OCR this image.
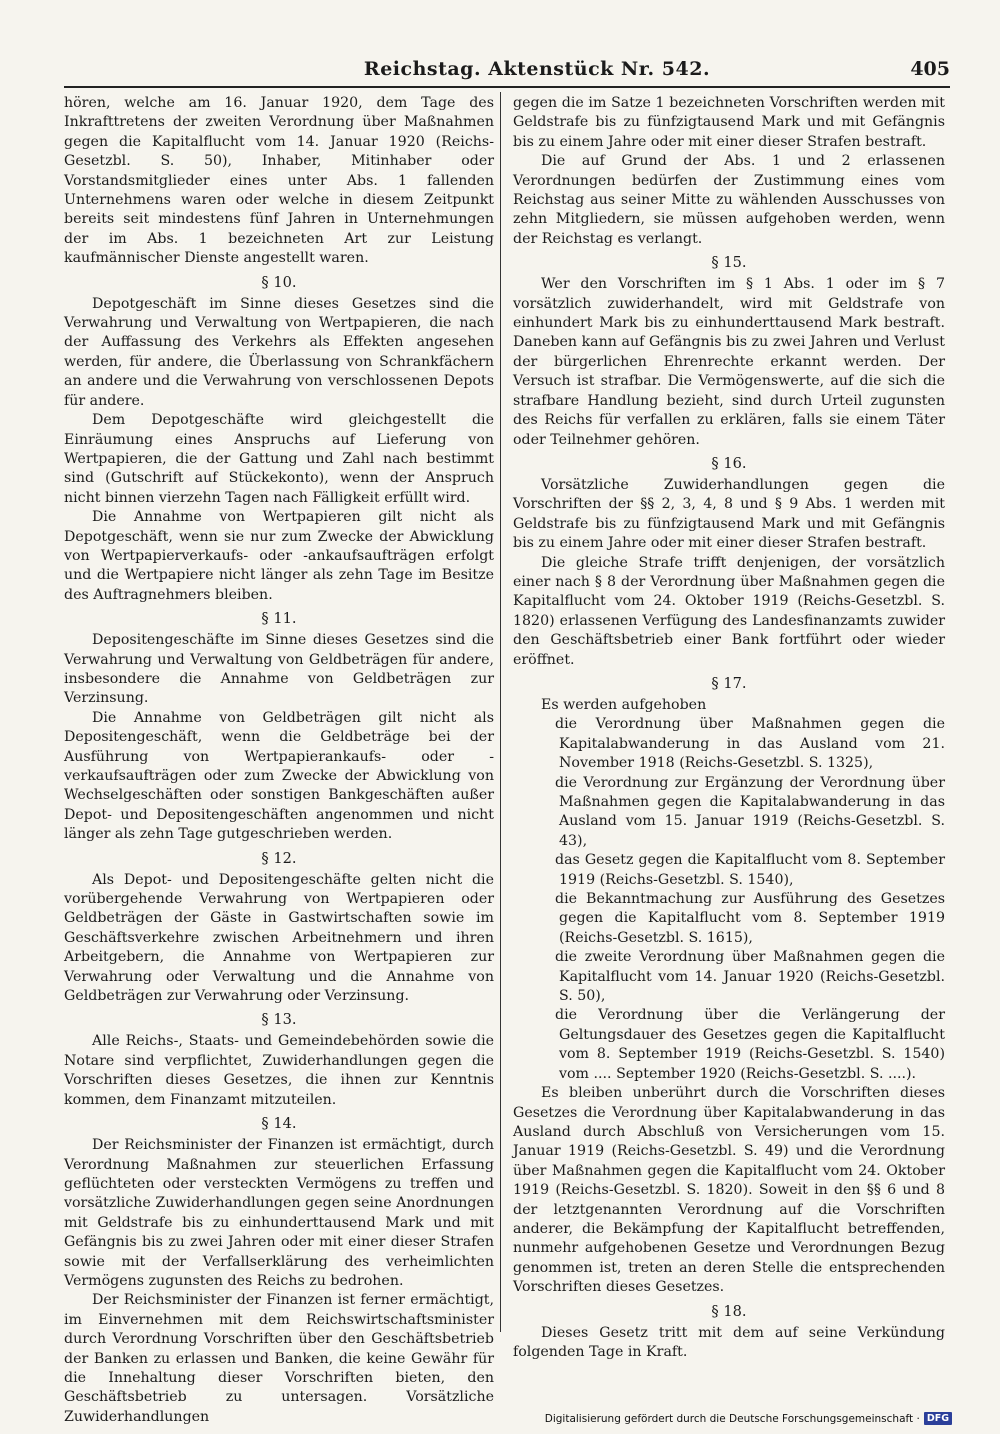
Reichstag. Aktenstück Nr. 542.	405

hören, welche am 16. Januar 1920, dem Tage des Inkrafttretens der zweiten Verordnung über Maßnahmen gegen die Kapitalflucht vom 14. Januar 1920 (Reichs-Gesetzbl. S. 50), Inhaber, Mitinhaber oder Vorstandsmitglieder eines unter Abs. 1 fallenden Unternehmens waren oder welche in diesem Zeitpunkt bereits seit mindestens fünf Jahren in Unternehmungen der im Abs. 1 bezeichneten Art zur Leistung kaufmännischer Dienste angestellt waren.

§ 10.

Depotgeschäft im Sinne dieses Gesetzes sind die Verwahrung und Verwaltung von Wertpapieren, die nach der Auffassung des Verkehrs als Effekten angesehen werden, für andere, die Überlassung von Schrankfächern an andere und die Verwahrung von verschlossenen Depots für andere.

Dem Depotgeschäfte wird gleichgestellt die Einräumung eines Anspruchs auf Lieferung von Wertpapieren, die der Gattung und Zahl nach bestimmt sind (Gutschrift auf Stückekonto), wenn der Anspruch nicht binnen vierzehn Tagen nach Fälligkeit erfüllt wird.

Die Annahme von Wertpapieren gilt nicht als Depotgeschäft, wenn sie nur zum Zwecke der Abwicklung von Wertpapierverkaufs- oder -ankaufsaufträgen erfolgt und die Wertpapiere nicht länger als zehn Tage im Besitze des Auftragnehmers bleiben.

§ 11.

Depositengeschäfte im Sinne dieses Gesetzes sind die Verwahrung und Verwaltung von Geldbeträgen für andere, insbesondere die Annahme von Geldbeträgen zur Verzinsung.

Die Annahme von Geldbeträgen gilt nicht als Depositengeschäft, wenn die Geldbeträge bei der Ausführung von Wertpapierankaufs- oder -verkaufsaufträgen oder zum Zwecke der Abwicklung von Wechselgeschäften oder sonstigen Bankgeschäften außer Depot- und Depositengeschäften angenommen und nicht länger als zehn Tage gutgeschrieben werden.

§ 12.

Als Depot- und Depositengeschäfte gelten nicht die vorübergehende Verwahrung von Wertpapieren oder Geldbeträgen der Gäste in Gastwirtschaften sowie im Geschäftsverkehre zwischen Arbeitnehmern und ihren Arbeitgebern, die Annahme von Wertpapieren zur Verwahrung oder Verwaltung und die Annahme von Geldbeträgen zur Verwahrung oder Verzinsung.

§ 13.

Alle Reichs-, Staats- und Gemeindebehörden sowie die Notare sind verpflichtet, Zuwiderhandlungen gegen die Vorschriften dieses Gesetzes, die ihnen zur Kenntnis kommen, dem Finanzamt mitzuteilen.

§ 14.

Der Reichsminister der Finanzen ist ermächtigt, durch Verordnung Maßnahmen zur steuerlichen Erfassung geflüchteten oder versteckten Vermögens zu treffen und vorsätzliche Zuwiderhandlungen gegen seine Anordnungen mit Geldstrafe bis zu einhunderttausend Mark und mit Gefängnis bis zu zwei Jahren oder mit einer dieser Strafen sowie mit der Verfallserklärung des verheimlichten Vermögens zugunsten des Reichs zu bedrohen.

Der Reichsminister der Finanzen ist ferner ermächtigt, im Einvernehmen mit dem Reichswirtschaftsminister durch Verordnung Vorschriften über den Geschäftsbetrieb der Banken zu erlassen und Banken, die keine Gewähr für die Innehaltung dieser Vorschriften bieten, den Geschäftsbetrieb zu untersagen. Vorsätzliche Zuwiderhandlungen

gegen die im Satze 1 bezeichneten Vorschriften werden mit Geldstrafe bis zu fünfzigtausend Mark und mit Gefängnis bis zu einem Jahre oder mit einer dieser Strafen bestraft.

Die auf Grund der Abs. 1 und 2 erlassenen Verordnungen bedürfen der Zustimmung eines vom Reichstag aus seiner Mitte zu wählenden Ausschusses von zehn Mitgliedern, sie müssen aufgehoben werden, wenn der Reichstag es verlangt.

§ 15.

Wer den Vorschriften im § 1 Abs. 1 oder im § 7 vorsätzlich zuwiderhandelt, wird mit Geldstrafe von einhundert Mark bis zu einhunderttausend Mark bestraft. Daneben kann auf Gefängnis bis zu zwei Jahren und Verlust der bürgerlichen Ehrenrechte erkannt werden. Der Versuch ist strafbar. Die Vermögenswerte, auf die sich die strafbare Handlung bezieht, sind durch Urteil zugunsten des Reichs für verfallen zu erklären, falls sie einem Täter oder Teilnehmer gehören.

§ 16.

Vorsätzliche Zuwiderhandlungen gegen die Vorschriften der §§ 2, 3, 4, 8 und § 9 Abs. 1 werden mit Geldstrafe bis zu fünfzigtausend Mark und mit Gefängnis bis zu einem Jahre oder mit einer dieser Strafen bestraft.

Die gleiche Strafe trifft denjenigen, der vorsätzlich einer nach § 8 der Verordnung über Maßnahmen gegen die Kapitalflucht vom 24. Oktober 1919 (Reichs-Gesetzbl. S. 1820) erlassenen Verfügung des Landesfinanzamts zuwider den Geschäftsbetrieb einer Bank fortführt oder wieder eröffnet.

§ 17.

Es werden aufgehoben

die Verordnung über Maßnahmen gegen die Kapitalabwanderung in das Ausland vom 21. November 1918 (Reichs-Gesetzbl. S. 1325),

die Verordnung zur Ergänzung der Verordnung über Maßnahmen gegen die Kapitalabwanderung in das Ausland vom 15. Januar 1919 (Reichs-Gesetzbl. S. 43),

das Gesetz gegen die Kapitalflucht vom 8. September 1919 (Reichs-Gesetzbl. S. 1540),

die Bekanntmachung zur Ausführung des Gesetzes gegen die Kapitalflucht vom 8. September 1919 (Reichs-Gesetzbl. S. 1615),

die zweite Verordnung über Maßnahmen gegen die Kapitalflucht vom 14. Januar 1920 (Reichs-Gesetzbl. S. 50),

die Verordnung über die Verlängerung der Geltungsdauer des Gesetzes gegen die Kapitalflucht vom 8. September 1919 (Reichs-Gesetzbl. S. 1540) vom .... September 1920 (Reichs-Gesetzbl. S. ....).

Es bleiben unberührt durch die Vorschriften dieses Gesetzes die Verordnung über Kapitalabwanderung in das Ausland durch Abschluß von Versicherungen vom 15. Januar 1919 (Reichs-Gesetzbl. S. 49) und die Verordnung über Maßnahmen gegen die Kapitalflucht vom 24. Oktober 1919 (Reichs-Gesetzbl. S. 1820). Soweit in den §§ 6 und 8 der letztgenannten Verordnung auf die Vorschriften anderer, die Bekämpfung der Kapitalflucht betreffenden, nunmehr aufgehobenen Gesetze und Verordnungen Bezug genommen ist, treten an deren Stelle die entsprechenden Vorschriften dieses Gesetzes.

§ 18.

Dieses Gesetz tritt mit dem auf seine Verkündung folgenden Tage in Kraft.

Digitalisierung gefördert durch die Deutsche Forschungsgemeinschaft · DFG
